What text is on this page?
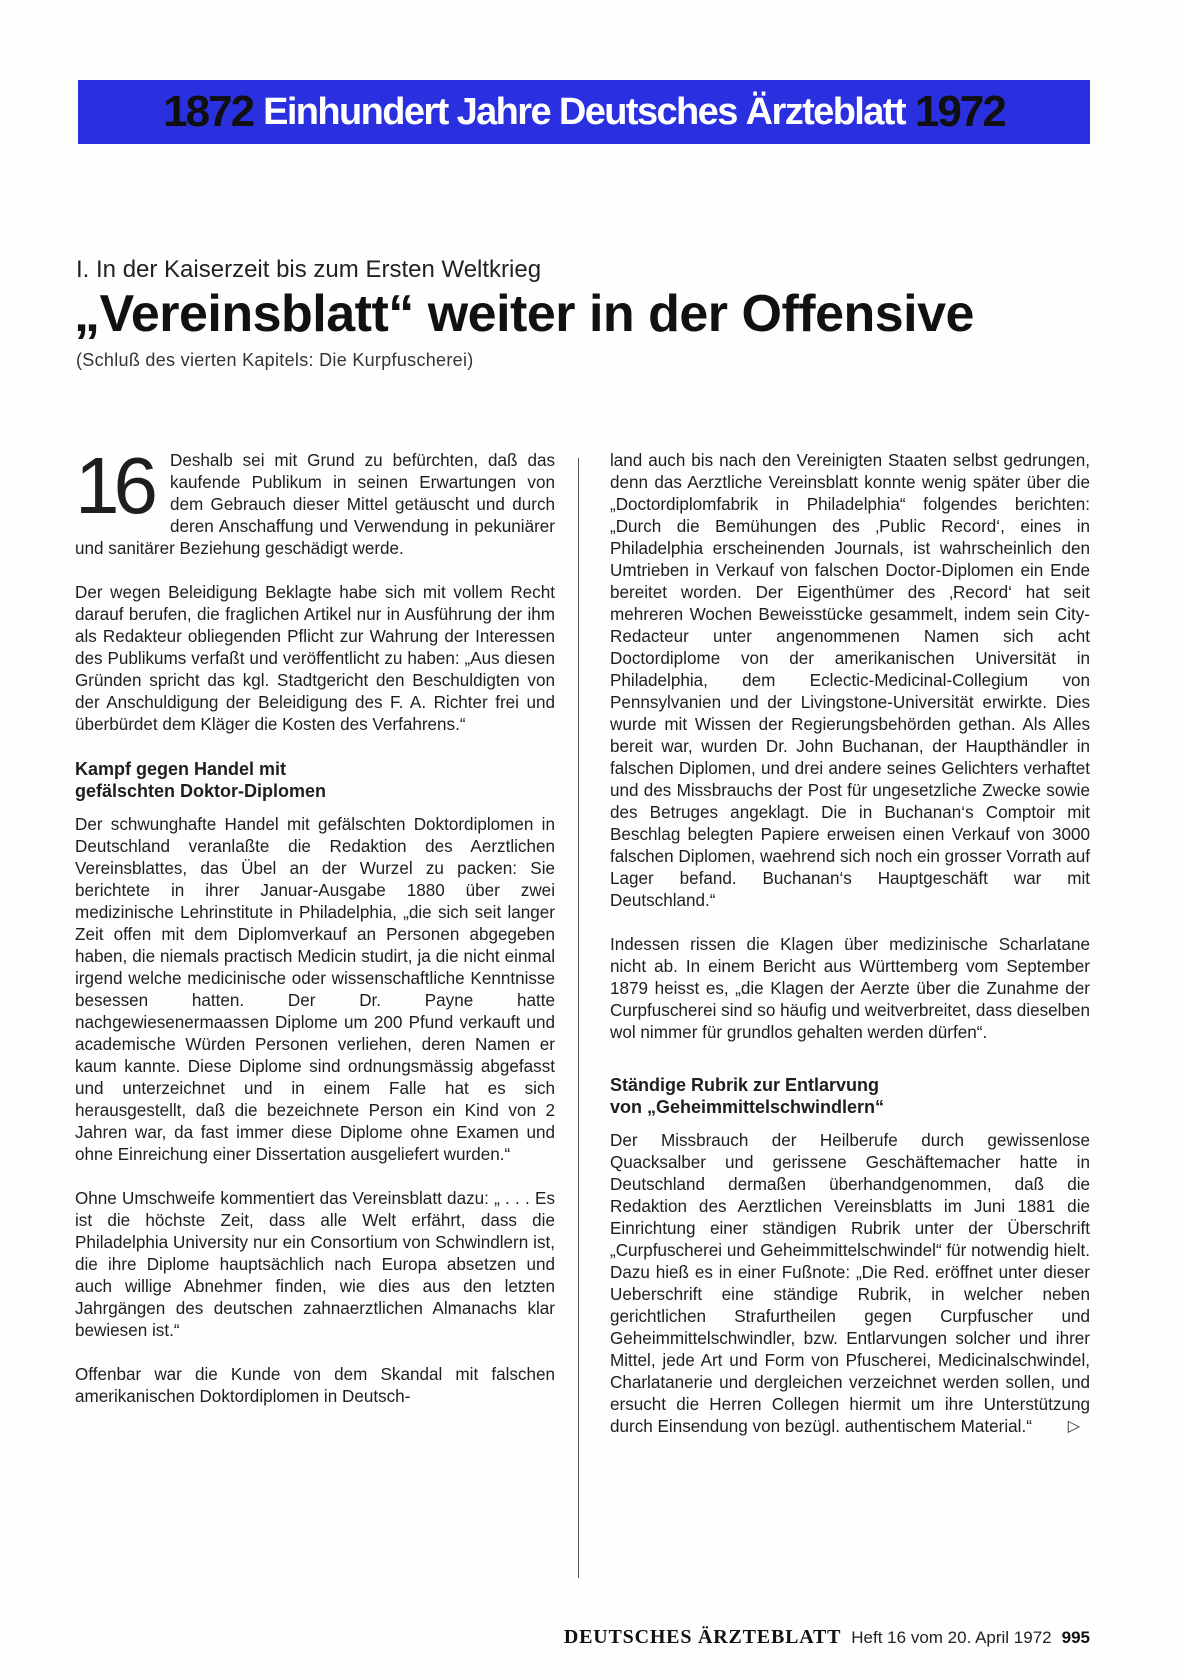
1872 Einhundert Jahre Deutsches Ärzteblatt 1972
I. In der Kaiserzeit bis zum Ersten Weltkrieg
„Vereinsblatt“ weiter in der Offensive
(Schluß des vierten Kapitels: Die Kurpfuscherei)

16 Deshalb sei mit Grund zu befürchten, daß das kaufende Publikum in seinen Erwartungen von dem Gebrauch dieser Mittel getäuscht und durch deren Anschaffung und Verwendung in pekuniärer und sanitärer Beziehung geschädigt werde.

Der wegen Beleidigung Beklagte habe sich mit vollem Recht darauf berufen, die fraglichen Artikel nur in Ausführung der ihm als Redakteur obliegenden Pflicht zur Wahrung der Interessen des Publikums verfaßt und veröffentlicht zu haben: „Aus diesen Gründen spricht das kgl. Stadtgericht den Beschuldigten von der Anschuldigung der Beleidigung des F. A. Richter frei und überbürdet dem Kläger die Kosten des Verfahrens.“

Kampf gegen Handel mit
gefälschten Doktor-Diplomen

Der schwunghafte Handel mit gefälschten Doktordiplomen in Deutschland veranlaßte die Redaktion des Aerztlichen Vereinsblattes, das Übel an der Wurzel zu packen: Sie berichtete in ihrer Januar-Ausgabe 1880 über zwei medizinische Lehrinstitute in Philadelphia, „die sich seit langer Zeit offen mit dem Diplomverkauf an Personen abgegeben haben, die niemals practisch Medicin studirt, ja die nicht einmal irgend welche medicinische oder wissenschaftliche Kenntnisse besessen hatten. Der Dr. Payne hatte nachgewiesenermaassen Diplome um 200 Pfund verkauft und academische Würden Personen verliehen, deren Namen er kaum kannte. Diese Diplome sind ordnungsmässig abgefasst und unterzeichnet und in einem Falle hat es sich herausgestellt, daß die bezeichnete Person ein Kind von 2 Jahren war, da fast immer diese Diplome ohne Examen und ohne Einreichung einer Dissertation ausgeliefert wurden.“

Ohne Umschweife kommentiert das Vereinsblatt dazu: „ . . . Es ist die höchste Zeit, dass alle Welt erfährt, dass die Philadelphia University nur ein Consortium von Schwindlern ist, die ihre Diplome hauptsächlich nach Europa absetzen und auch willige Abnehmer finden, wie dies aus den letzten Jahrgängen des deutschen zahnaerztlichen Almanachs klar bewiesen ist.“

Offenbar war die Kunde von dem Skandal mit falschen amerikanischen Doktordiplomen in Deutsch-

land auch bis nach den Vereinigten Staaten selbst gedrungen, denn das Aerztliche Vereinsblatt konnte wenig später über die „Doctordiplomfabrik in Philadelphia“ folgendes berichten: „Durch die Bemühungen des ‚Public Record‘, eines in Philadelphia erscheinenden Journals, ist wahrscheinlich den Umtrieben in Verkauf von falschen Doctor-Diplomen ein Ende bereitet worden. Der Eigenthümer des ‚Record‘ hat seit mehreren Wochen Beweisstücke gesammelt, indem sein City-Redacteur unter angenommenen Namen sich acht Doctordiplome von der amerikanischen Universität in Philadelphia, dem Eclectic-Medicinal-Collegium von Pennsylvanien und der Livingstone-Universität erwirkte. Dies wurde mit Wissen der Regierungsbehörden gethan. Als Alles bereit war, wurden Dr. John Buchanan, der Haupthändler in falschen Diplomen, und drei andere seines Gelichters verhaftet und des Missbrauchs der Post für ungesetzliche Zwecke sowie des Betruges angeklagt. Die in Buchanan‘s Comptoir mit Beschlag belegten Papiere erweisen einen Verkauf von 3000 falschen Diplomen, waehrend sich noch ein grosser Vorrath auf Lager befand. Buchanan‘s Hauptgeschäft war mit Deutschland.“

Indessen rissen die Klagen über medizinische Scharlatane nicht ab. In einem Bericht aus Württemberg vom September 1879 heisst es, „die Klagen der Aerzte über die Zunahme der Curpfuscherei sind so häufig und weitverbreitet, dass dieselben wol nimmer für grundlos gehalten werden dürfen“.

Ständige Rubrik zur Entlarvung
von „Geheimmittelschwindlern“

Der Missbrauch der Heilberufe durch gewissenlose Quacksalber und gerissene Geschäftemacher hatte in Deutschland dermaßen überhandgenommen, daß die Redaktion des Aerztlichen Vereinsblatts im Juni 1881 die Einrichtung einer ständigen Rubrik unter der Überschrift „Curpfuscherei und Geheimmittelschwindel“ für notwendig hielt. Dazu hieß es in einer Fußnote: „Die Red. eröffnet unter dieser Ueberschrift eine ständige Rubrik, in welcher neben gerichtlichen Strafurtheilen gegen Curpfuscher und Geheimmittelschwindler, bzw. Entlarvungen solcher und ihrer Mittel, jede Art und Form von Pfuscherei, Medicinalschwindel, Charlatanerie und dergleichen verzeichnet werden sollen, und ersucht die Herren Collegen hiermit um ihre Unterstützung durch Einsendung von bezügl. authentischem Material.“ ▷

DEUTSCHES ÄRZTEBLATT Heft 16 vom 20. April 1972 995
